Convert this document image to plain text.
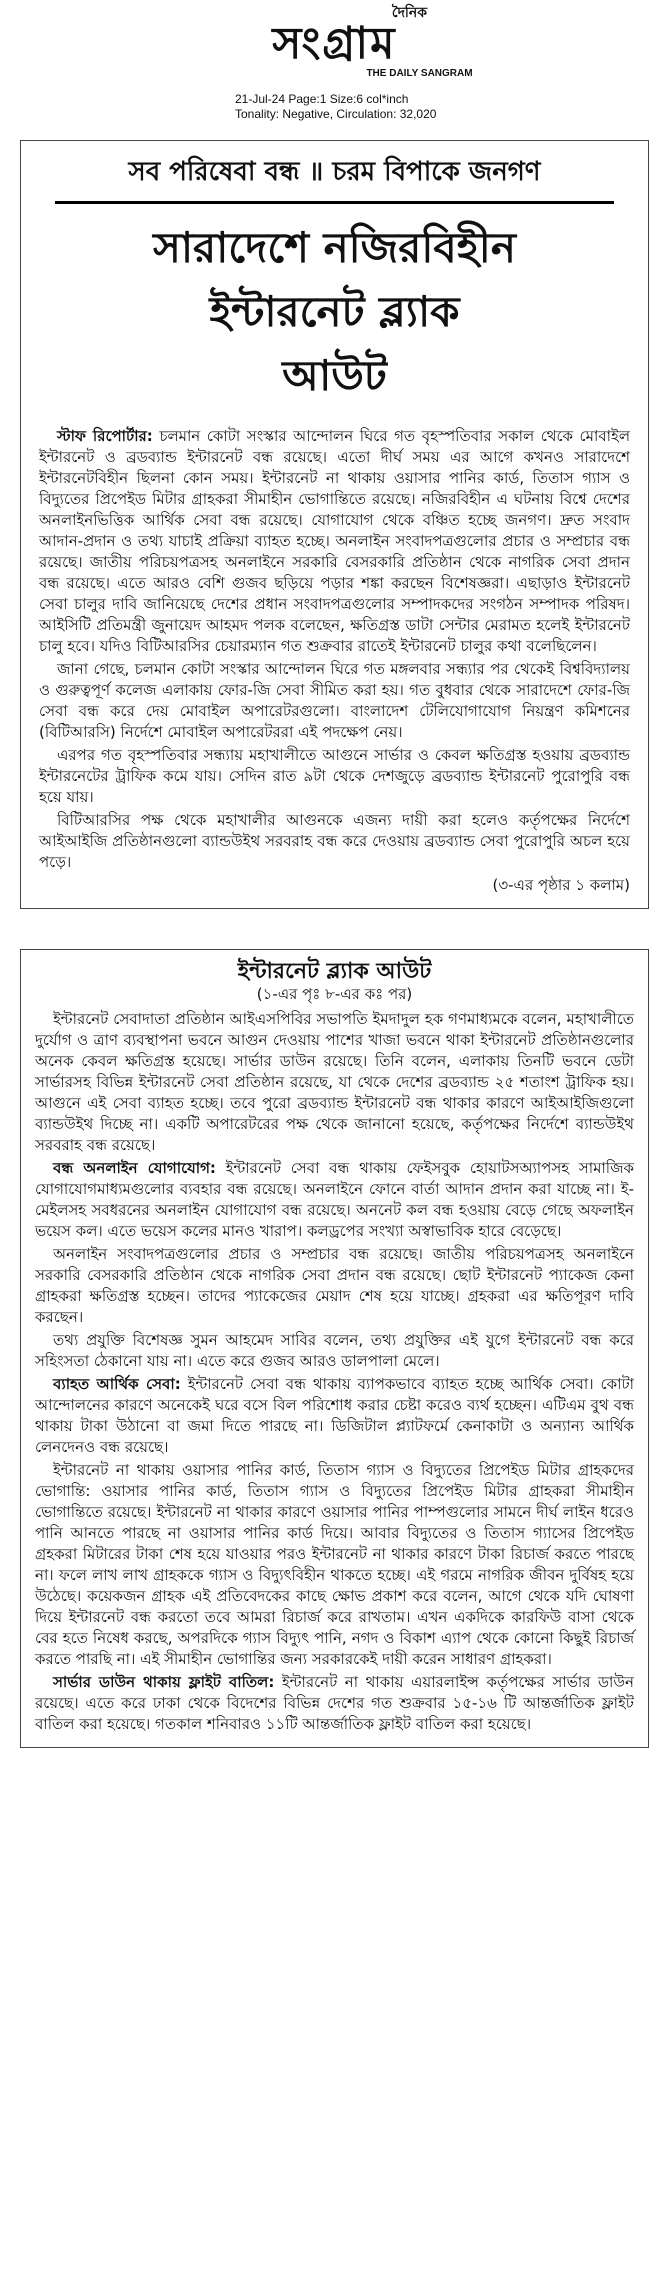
দৈনিক
সংগ্রাম
THE DAILY SANGRAM
21-Jul-24 Page:1 Size:6 col*inch
Tonality: Negative, Circulation: 32,020
সব পরিষেবা বন্ধ ॥ চরম বিপাকে জনগণ
সারাদেশে নজিরবিহীন
ইন্টারনেট ব্ল্যাক
আউট

স্টাফ রিপোর্টার: চলমান কোটা সংস্কার আন্দোলন ঘিরে গত বৃহস্পতিবার সকাল থেকে মোবাইল ইন্টারনেট ও ব্রডব্যান্ড ইন্টারনেট বন্ধ রয়েছে। এতো দীর্ঘ সময় এর আগে কখনও সারাদেশে ইন্টারনেটবিহীন ছিলনা কোন সময়। ইন্টারনেট না থাকায় ওয়াসার পানির কার্ড, তিতাস গ্যাস ও বিদ্যুতের প্রিপেইড মিটার গ্রাহকরা সীমাহীন ভোগান্তিতে রয়েছে। নজিরবিহীন এ ঘটনায় বিশ্বে দেশের অনলাইনভিত্তিক আর্থিক সেবা বন্ধ রয়েছে। যোগাযোগ থেকে বঞ্চিত হচ্ছে জনগণ। দ্রুত সংবাদ আদান-প্রদান ও তথ্য যাচাই প্রক্রিয়া ব্যাহত হচ্ছে। অনলাইন সংবাদপত্রগুলোর প্রচার ও সম্প্রচার বন্ধ রয়েছে। জাতীয় পরিচয়পত্রসহ অনলাইনে সরকারি বেসরকারি প্রতিষ্ঠান থেকে নাগরিক সেবা প্রদান বন্ধ রয়েছে। এতে আরও বেশি গুজব ছড়িয়ে পড়ার শঙ্কা করছেন বিশেষজ্ঞরা। এছাড়াও ইন্টারনেট সেবা চালুর দাবি জানিয়েছে দেশের প্রধান সংবাদপত্রগুলোর সম্পাদকদের সংগঠন সম্পাদক পরিষদ। আইসিটি প্রতিমন্ত্রী জুনায়েদ আহমদ পলক বলেছেন, ক্ষতিগ্রস্ত ডাটা সেন্টার মেরামত হলেই ইন্টারনেট চালু হবে। যদিও বিটিআরসির চেয়ারম্যান গত শুক্রবার রাতেই ইন্টারনেট চালুর কথা বলেছিলেন।

জানা গেছে, চলমান কোটা সংস্কার আন্দোলন ঘিরে গত মঙ্গলবার সন্ধ্যার পর থেকেই বিশ্ববিদ্যালয় ও গুরুত্বপূর্ণ কলেজ এলাকায় ফোর-জি সেবা সীমিত করা হয়। গত বুধবার থেকে সারাদেশে ফোর-জি সেবা বন্ধ করে দেয় মোবাইল অপারেটরগুলো। বাংলাদেশ টেলিযোগাযোগ নিয়ন্ত্রণ কমিশনের (বিটিআরসি) নির্দেশে মোবাইল অপারেটররা এই পদক্ষেপ নেয়।

এরপর গত বৃহস্পতিবার সন্ধ্যায় মহাখালীতে আগুনে সার্ভার ও কেবল ক্ষতিগ্রস্ত হওয়ায় ব্রডব্যান্ড ইন্টারনেটের ট্রাফিক কমে যায়। সেদিন রাত ৯টা থেকে দেশজুড়ে ব্রডব্যান্ড ইন্টারনেট পুরোপুরি বন্ধ হয়ে যায়।

বিটিআরসির পক্ষ থেকে মহাখালীর আগুনকে এজন্য দায়ী করা হলেও কর্তৃপক্ষের নির্দেশে আইআইজি প্রতিষ্ঠানগুলো ব্যান্ডউইথ সরবরাহ বন্ধ করে দেওয়ায় ব্রডব্যান্ড সেবা পুরোপুরি অচল হয়ে পড়ে।

(৩-এর পৃষ্ঠার ১ কলাম)
ইন্টারনেট ব্ল্যাক আউট
(১-এর পৃঃ ৮-এর কঃ পর)

ইন্টারনেট সেবাদাতা প্রতিষ্ঠান আইএসপিবির সভাপতি ইমদাদুল হক গণমাধ্যমকে বলেন, মহাখালীতে দুর্যোগ ও ত্রাণ ব্যবস্থাপনা ভবনে আগুন দেওয়ায় পাশের খাজা ভবনে থাকা ইন্টারনেট প্রতিষ্ঠানগুলোর অনেক কেবল ক্ষতিগ্রস্ত হয়েছে। সার্ভার ডাউন রয়েছে। তিনি বলেন, এলাকায় তিনটি ভবনে ডেটা সার্ভারসহ বিভিন্ন ইন্টারনেট সেবা প্রতিষ্ঠান রয়েছে, যা থেকে দেশের ব্রডব্যান্ড ২৫ শতাংশ ট্রাফিক হয়। আগুনে এই সেবা ব্যাহত হচ্ছে। তবে পুরো ব্রডব্যান্ড ইন্টারনেট বন্ধ থাকার কারণে আইআইজিগুলো ব্যান্ডউইথ দিচ্ছে না। একটি অপারেটরের পক্ষ থেকে জানানো হয়েছে, কর্তৃপক্ষের নির্দেশে ব্যান্ডউইথ সরবরাহ বন্ধ রয়েছে।

বন্ধ অনলাইন যোগাযোগ: ইন্টারনেট সেবা বন্ধ থাকায় ফেইসবুক হোয়াটসঅ্যাপসহ সামাজিক যোগাযোগমাধ্যমগুলোর ব্যবহার বন্ধ রয়েছে। অনলাইনে ফোনে বার্তা আদান প্রদান করা যাচ্ছে না। ই-মেইলসহ সবধরনের অনলাইন যোগাযোগ বন্ধ রয়েছে। অননেট কল বন্ধ হওয়ায় বেড়ে গেছে অফলাইন ভয়েস কল। এতে ভয়েস কলের মানও খারাপ। কলড্রপের সংখ্যা অস্বাভাবিক হারে বেড়েছে।

অনলাইন সংবাদপত্রগুলোর প্রচার ও সম্প্রচার বন্ধ রয়েছে। জাতীয় পরিচয়পত্রসহ অনলাইনে সরকারি বেসরকারি প্রতিষ্ঠান থেকে নাগরিক সেবা প্রদান বন্ধ রয়েছে। ছোট ইন্টারনেট প্যাকেজ কেনা গ্রাহকরা ক্ষতিগ্রস্ত হচ্ছেন। তাদের প্যাকেজের মেয়াদ শেষ হয়ে যাচ্ছে। গ্রহকরা এর ক্ষতিপূরণ দাবি করছেন।

তথ্য প্রযুক্তি বিশেষজ্ঞ সুমন আহমেদ সাবির বলেন, তথ্য প্রযুক্তির এই যুগে ইন্টারনেট বন্ধ করে সহিংসতা ঠেকানো যায় না। এতে করে গুজব আরও ডালপালা মেলে।

ব্যাহত আর্থিক সেবা: ইন্টারনেট সেবা বন্ধ থাকায় ব্যাপকভাবে ব্যাহত হচ্ছে আর্থিক সেবা। কোটা আন্দোলনের কারণে অনেকেই ঘরে বসে বিল পরিশোধ করার চেষ্টা করেও ব্যর্থ হচ্ছেন। এটিএম বুথ বন্ধ থাকায় টাকা উঠানো বা জমা দিতে পারছে না। ডিজিটাল প্ল্যাটফর্মে কেনাকাটা ও অন্যান্য আর্থিক লেনদেনও বন্ধ রয়েছে।

ইন্টারনেট না থাকায় ওয়াসার পানির কার্ড, তিতাস গ্যাস ও বিদ্যুতের প্রিপেইড মিটার গ্রাহকদের ভোগান্তি: ওয়াসার পানির কার্ড, তিতাস গ্যাস ও বিদ্যুতের প্রিপেইড মিটার গ্রাহকরা সীমাহীন ভোগান্তিতে রয়েছে। ইন্টারনেট না থাকার কারণে ওয়াসার পানির পাম্পগুলোর সামনে দীর্ঘ লাইন ধরেও পানি আনতে পারছে না ওয়াসার পানির কার্ড দিয়ে। আবার বিদ্যুতের ও তিতাস গ্যাসের প্রিপেইড গ্রহকরা মিটারের টাকা শেষ হয়ে যাওয়ার পরও ইন্টারনেট না থাকার কারণে টাকা রিচার্জ করতে পারছে না। ফলে লাখ লাখ গ্রাহককে গ্যাস ও বিদ্যুৎবিহীন থাকতে হচ্ছে। এই গরমে নাগরিক জীবন দুর্বিষহ হয়ে উঠেছে। কয়েকজন গ্রাহক এই প্রতিবেদকের কাছে ক্ষোভ প্রকাশ করে বলেন, আগে থেকে যদি ঘোষণা দিয়ে ইন্টারনেট বন্ধ করতো তবে আমরা রিচার্জ করে রাখতাম। এখন একদিকে কারফিউ বাসা থেকে বের হতে নিষেধ করছে, অপরদিকে গ্যাস বিদ্যুৎ পানি, নগদ ও বিকাশ এ্যাপ থেকে কোনো কিছুই রিচার্জ করতে পারছি না। এই সীমাহীন ভোগান্তির জন্য সরকারকেই দায়ী করেন সাধারণ গ্রাহকরা।

সার্ভার ডাউন থাকায় ফ্লাইট বাতিল: ইন্টারনেট না থাকায় এয়ারলাইন্স কর্তৃপক্ষের সার্ভার ডাউন রয়েছে। এতে করে ঢাকা থেকে বিদেশের বিভিন্ন দেশের গত শুক্রবার ১৫-১৬ টি আন্তর্জাতিক ফ্লাইট বাতিল করা হয়েছে। গতকাল শনিবারও ১১টি আন্তর্জাতিক ফ্লাইট বাতিল করা হয়েছে।
